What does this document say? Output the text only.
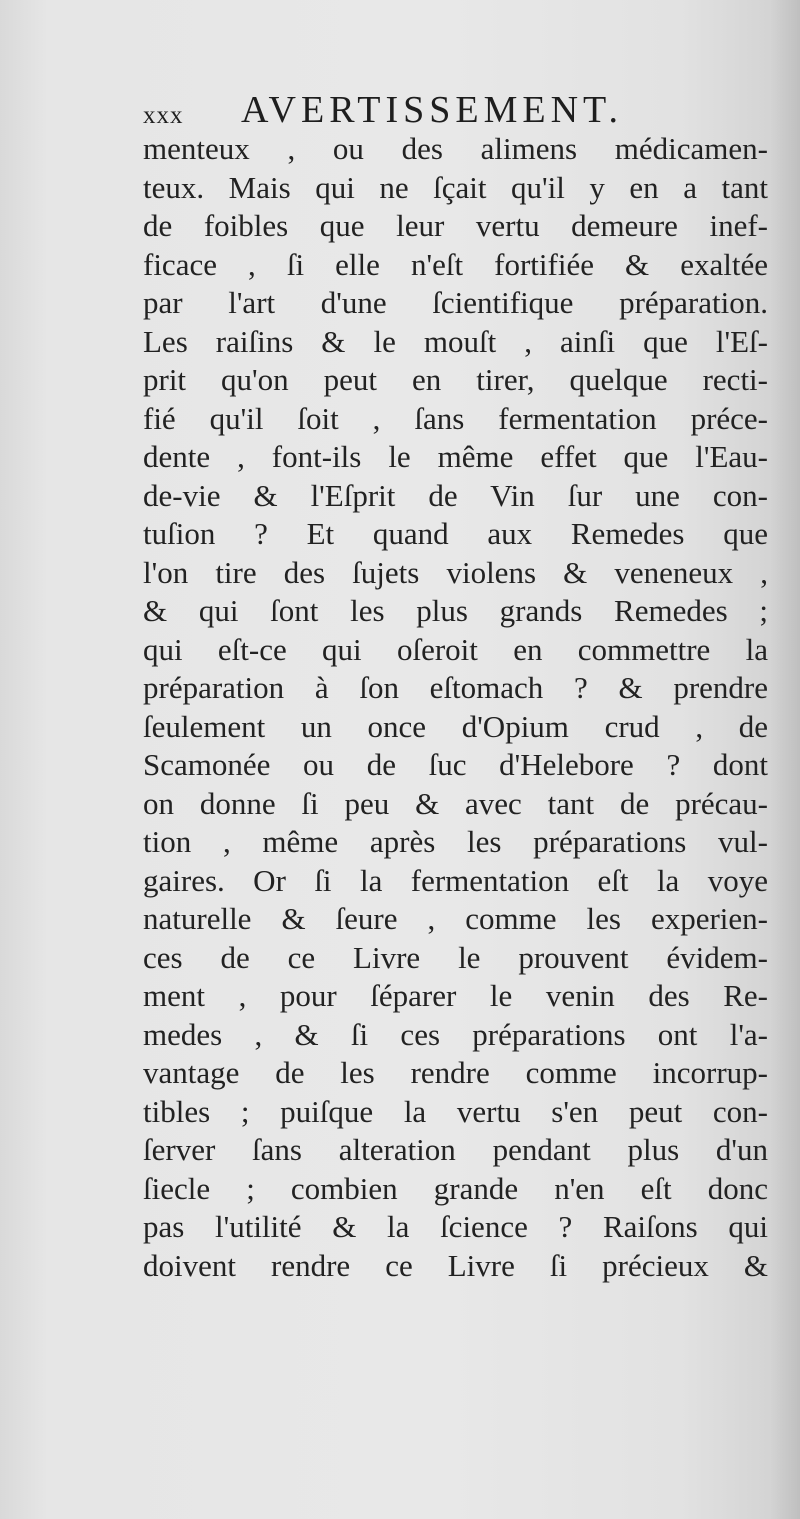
xxx AVERTISSEMENT.
menteux , ou des alimens médicamen-
teux. Mais qui ne ſçait qu'il y en a tant
de foibles que leur vertu demeure inef-
ficace , ſi elle n'eſt fortifiée & exaltée
par l'art d'une ſcientifique préparation.
Les raiſins & le mouſt , ainſi que l'Eſ-
prit qu'on peut en tirer, quelque recti-
fié qu'il ſoit , ſans fermentation préce-
dente , font-ils le même effet que l'Eau-
de-vie & l'Eſprit de Vin ſur une con-
tuſion ? Et quand aux Remedes que
l'on tire des ſujets violens & veneneux ,
& qui ſont les plus grands Remedes ;
qui eſt-ce qui oſeroit en commettre la
préparation à ſon eſtomach ? & prendre
ſeulement un once d'Opium crud , de
Scamonée ou de ſuc d'Helebore ? dont
on donne ſi peu & avec tant de précau-
tion , même après les préparations vul-
gaires. Or ſi la fermentation eſt la voye
naturelle & ſeure , comme les experien-
ces de ce Livre le prouvent évidem-
ment , pour ſéparer le venin des Re-
medes , & ſi ces préparations ont l'a-
vantage de les rendre comme incorrup-
tibles ; puiſque la vertu s'en peut con-
ſerver ſans alteration pendant plus d'un
ſiecle ; combien grande n'en eſt donc
pas l'utilité & la ſcience ? Raiſons qui
doivent rendre ce Livre ſi précieux &
